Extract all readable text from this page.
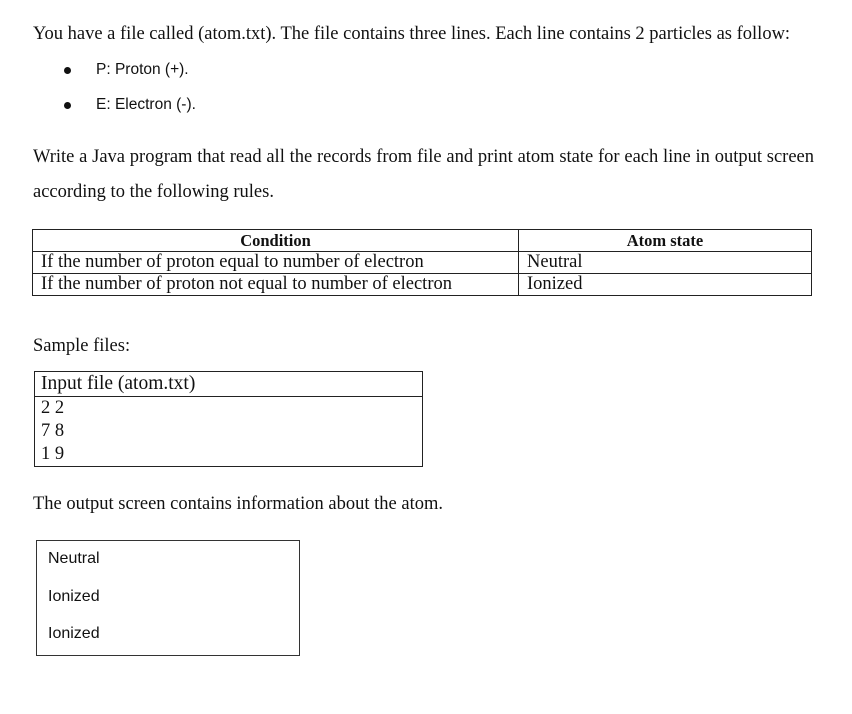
You have a file called (atom.txt). The file contains three lines. Each line contains 2 particles as follow:
P: Proton (+).
E: Electron (-).
Write a Java program that read all the records from file and print atom state for each line in output screen according to the following rules.
Condition	Atom state
If the number of proton equal to number of electron	Neutral
If the number of proton not equal to number of electron	Ionized
Sample files:
Input file (atom.txt)

2 2
7 8
1 9
The output screen contains information about the atom.
Neutral
Ionized
Ionized
